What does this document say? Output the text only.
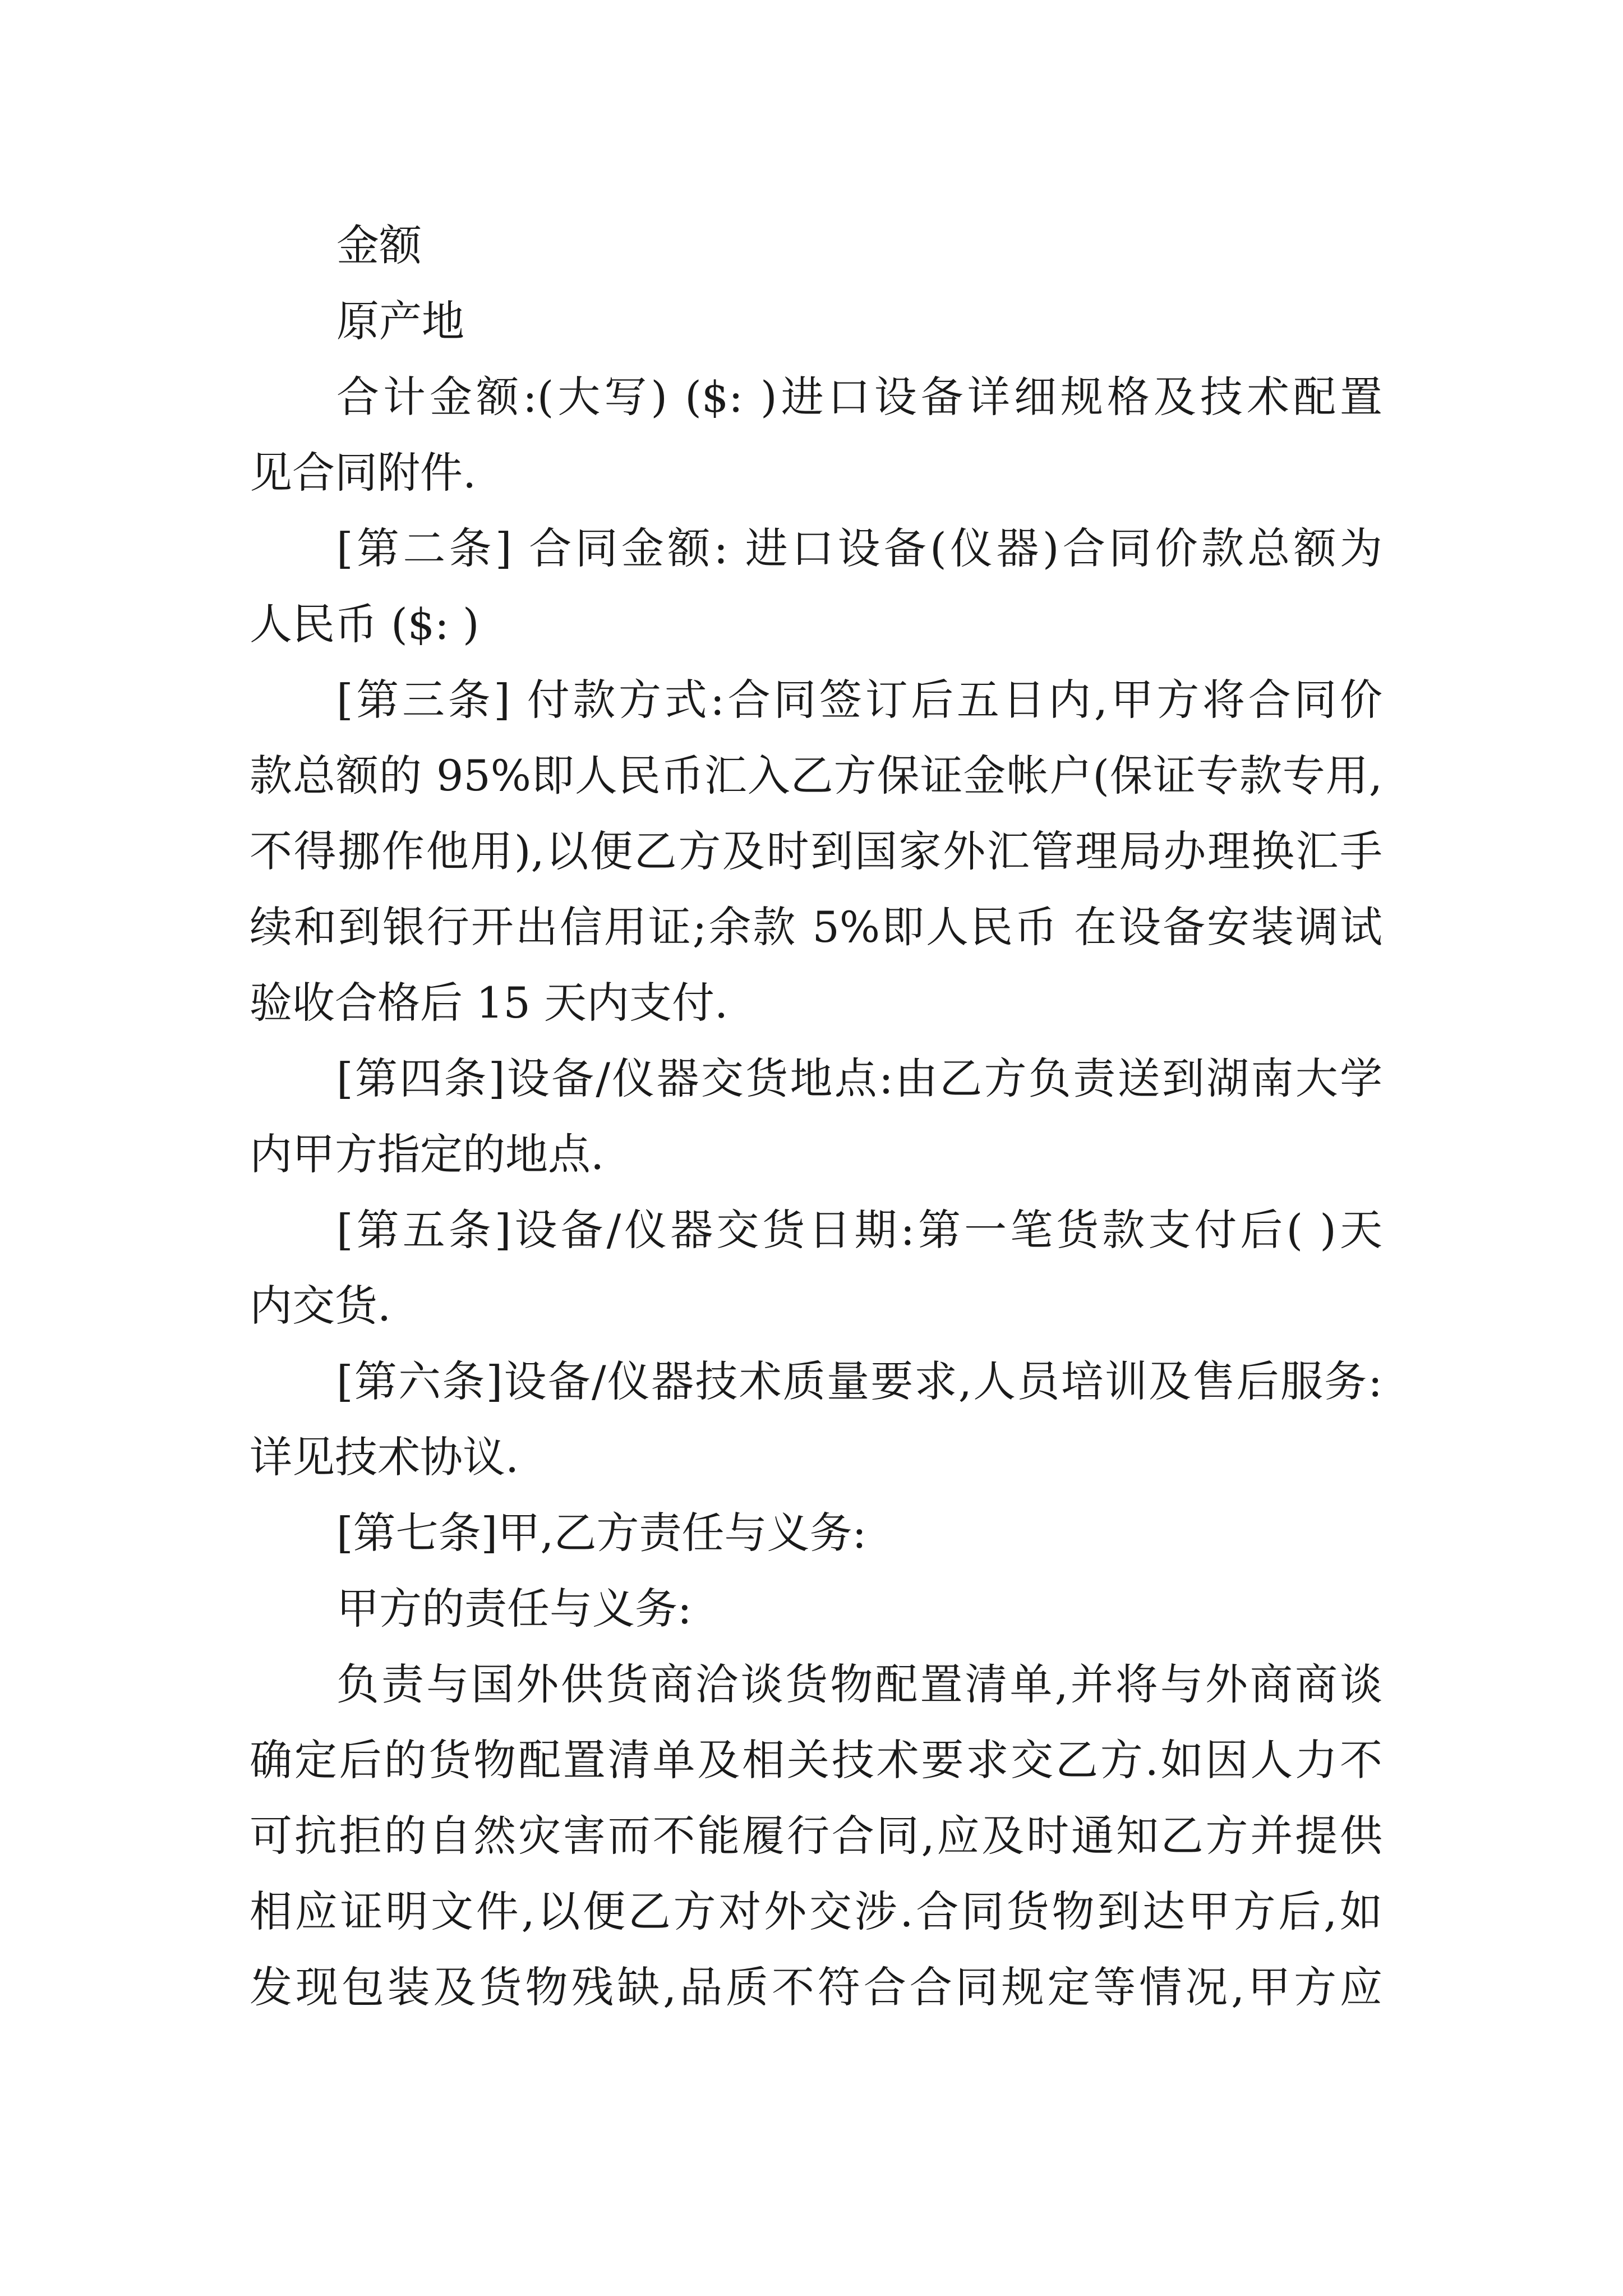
金额
原产地
合计金额:(大写) ($: )进口设备详细规格及技术配置
见合同附件.
[第二条] 合同金额: 进口设备(仪器)合同价款总额为
人民币 ($: )
[第三条] 付款方式:合同签订后五日内,甲方将合同价
款总额的 95%即人民币汇入乙方保证金帐户(保证专款专用,
不得挪作他用),以便乙方及时到国家外汇管理局办理换汇手
续和到银行开出信用证;余款 5%即人民币 在设备安装调试
验收合格后 15 天内支付.
[第四条]设备/仪器交货地点:由乙方负责送到湖南大学
内甲方指定的地点.
[第五条]设备/仪器交货日期:第一笔货款支付后( )天
内交货.
[第六条]设备/仪器技术质量要求,人员培训及售后服务:
详见技术协议.
[第七条]甲,乙方责任与义务:
甲方的责任与义务:
负责与国外供货商洽谈货物配置清单,并将与外商商谈
确定后的货物配置清单及相关技术要求交乙方.如因人力不
可抗拒的自然灾害而不能履行合同,应及时通知乙方并提供
相应证明文件,以便乙方对外交涉.合同货物到达甲方后,如
发现包装及货物残缺,品质不符合合同规定等情况,甲方应
